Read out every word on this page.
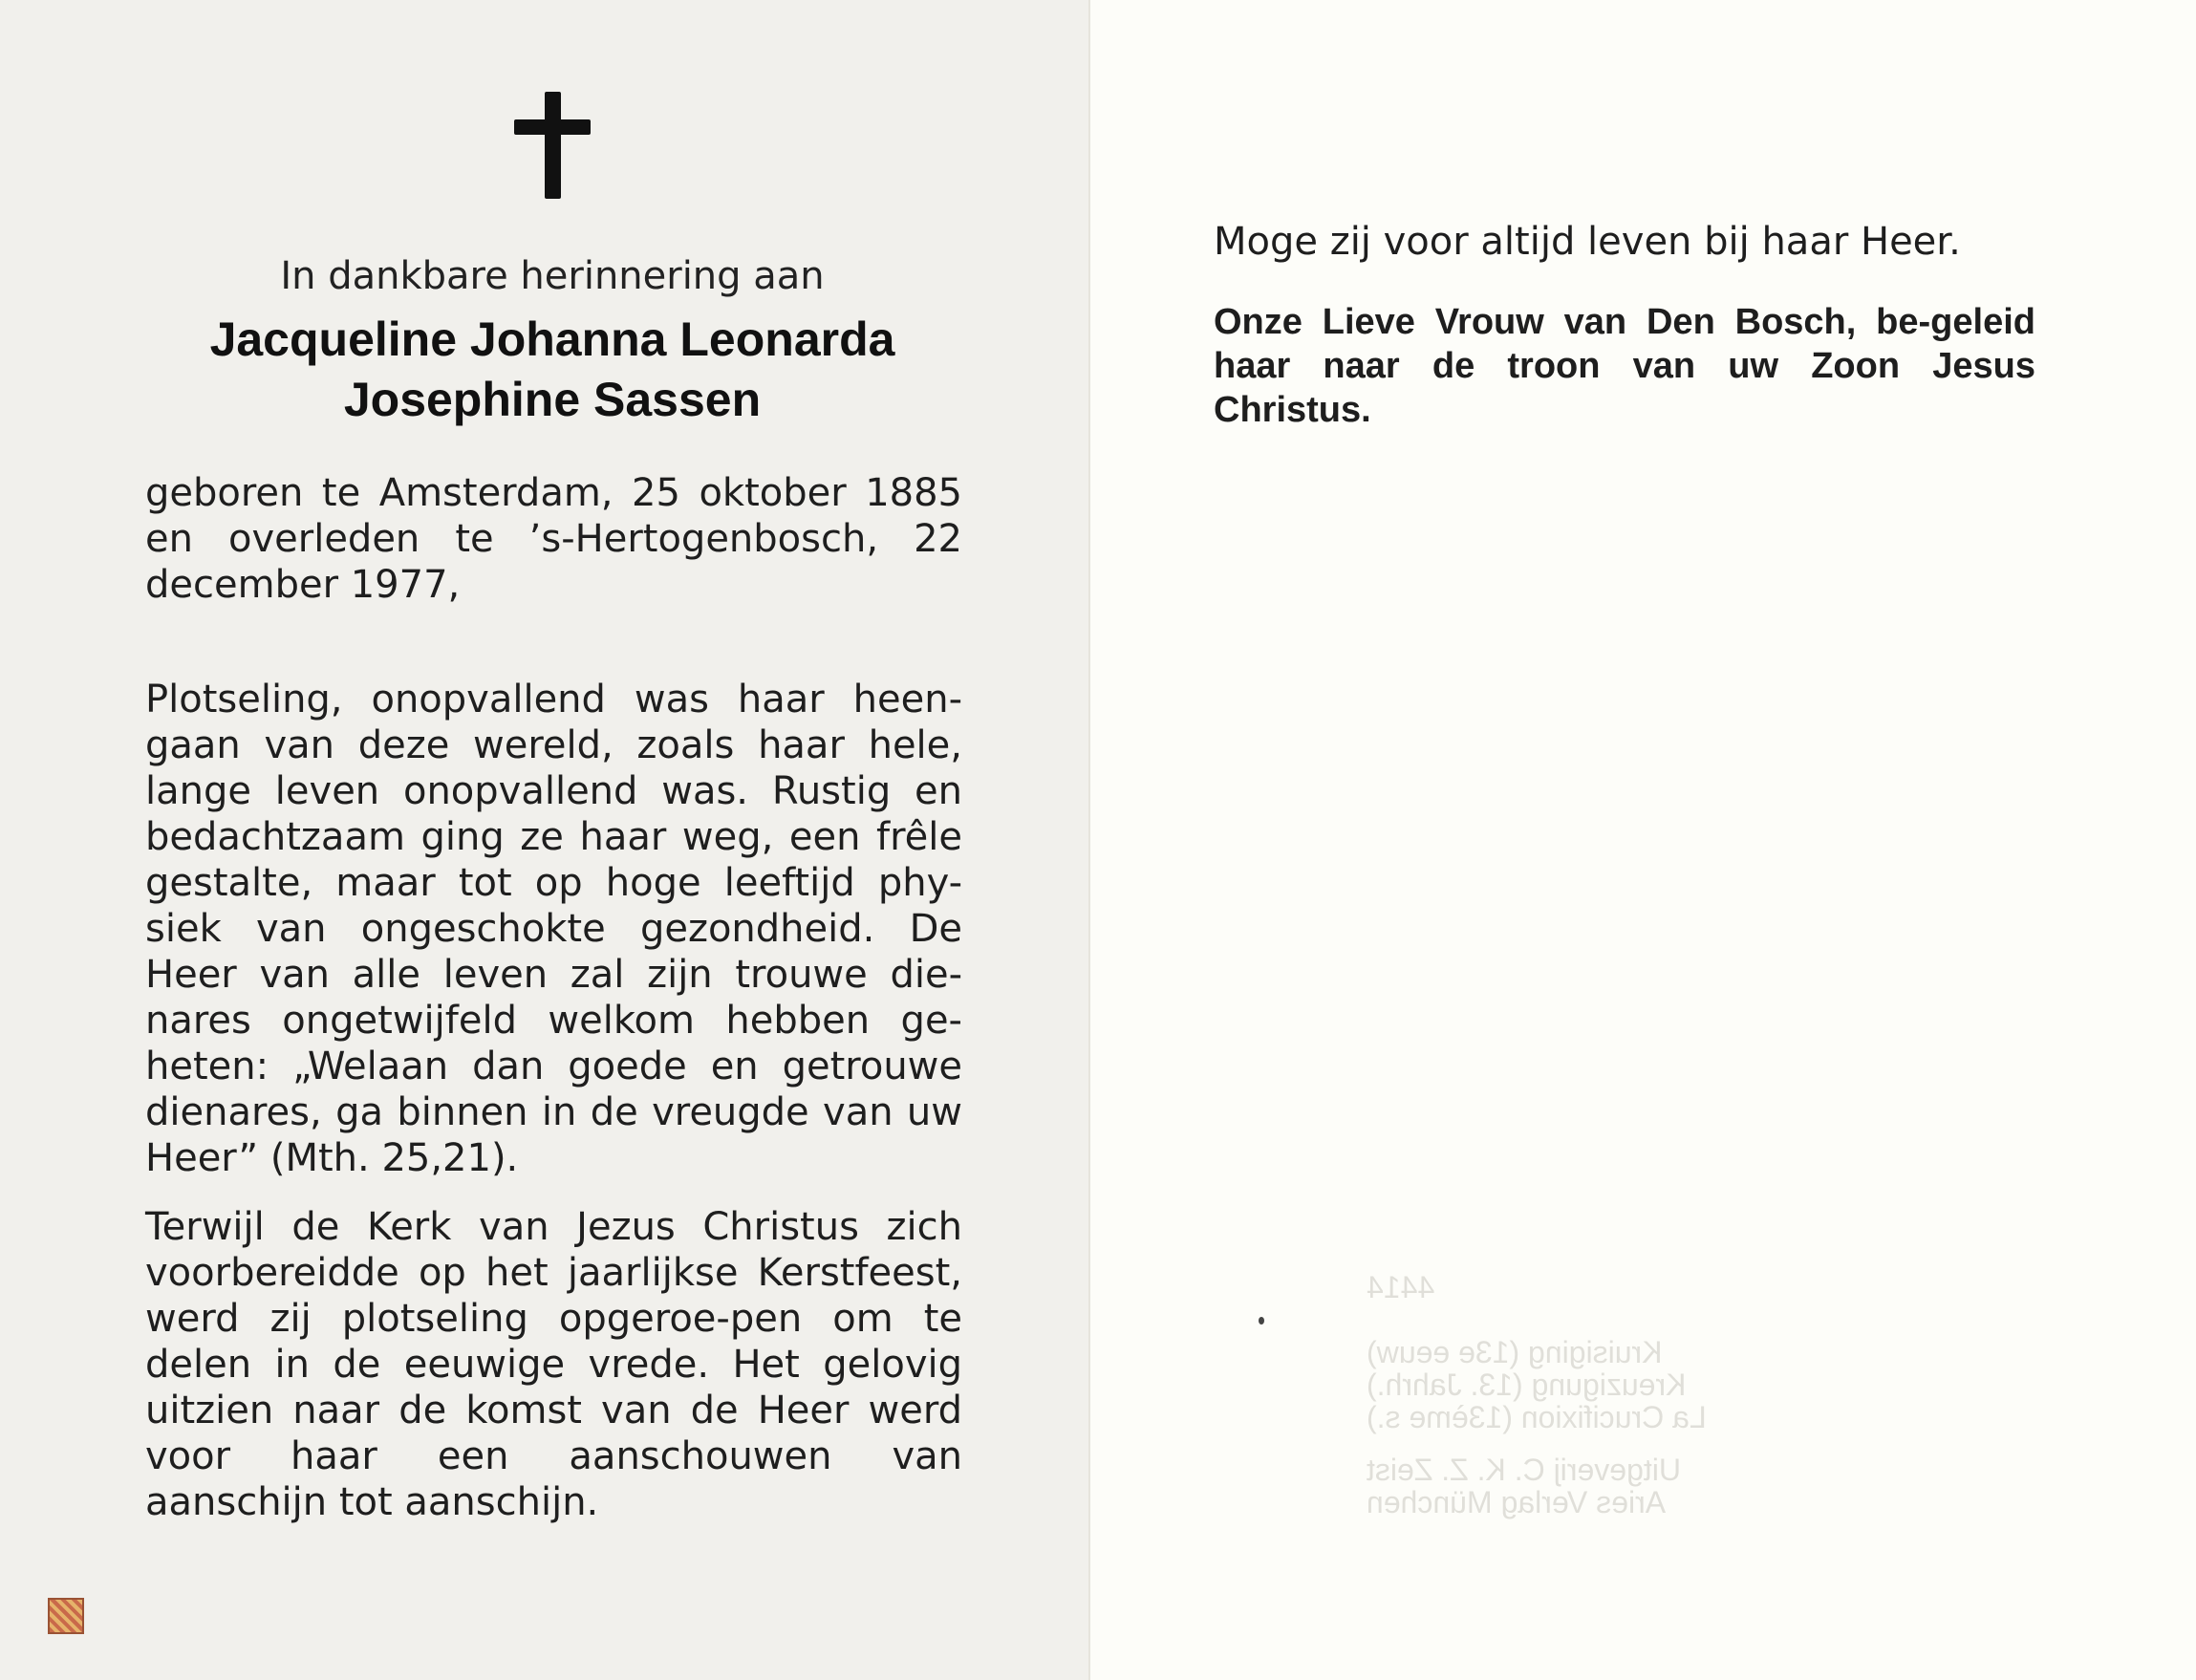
In dankbare herinnering aan
Jacqueline Johanna Leonarda
Josephine Sassen
geboren te Amsterdam, 25 oktober 1885 en overleden te ’s-Hertogenbosch, 22 december 1977,
Plotseling, onopvallend was haar heen-gaan van deze wereld, zoals haar hele, lange leven onopvallend was. Rustig en bedachtzaam ging ze haar weg, een frêle gestalte, maar tot op hoge leeftijd phy-siek van ongeschokte gezondheid. De Heer van alle leven zal zijn trouwe die-nares ongetwijfeld welkom hebben ge-heten: „Welaan dan goede en getrouwe dienares, ga binnen in de vreugde van uw Heer” (Mth. 25,21).
Terwijl de Kerk van Jezus Christus zich voorbereidde op het jaarlijkse Kerstfeest, werd zij plotseling opgeroe-pen om te delen in de eeuwige vrede. Het gelovig uitzien naar de komst van de Heer werd voor haar een aanschouwen van aanschijn tot aanschijn.
Moge zij voor altijd leven bij haar Heer.
Onze Lieve Vrouw van Den Bosch, be-geleid haar naar de troon van uw Zoon Jesus Christus.
4414
Kruisiging (13e eeuw)
Kreuzigung (13. Jahrh.)
La Crucifixion (13ème s.)
Uitgeverij C. K. Z. Zeist
Aries Verlag München
